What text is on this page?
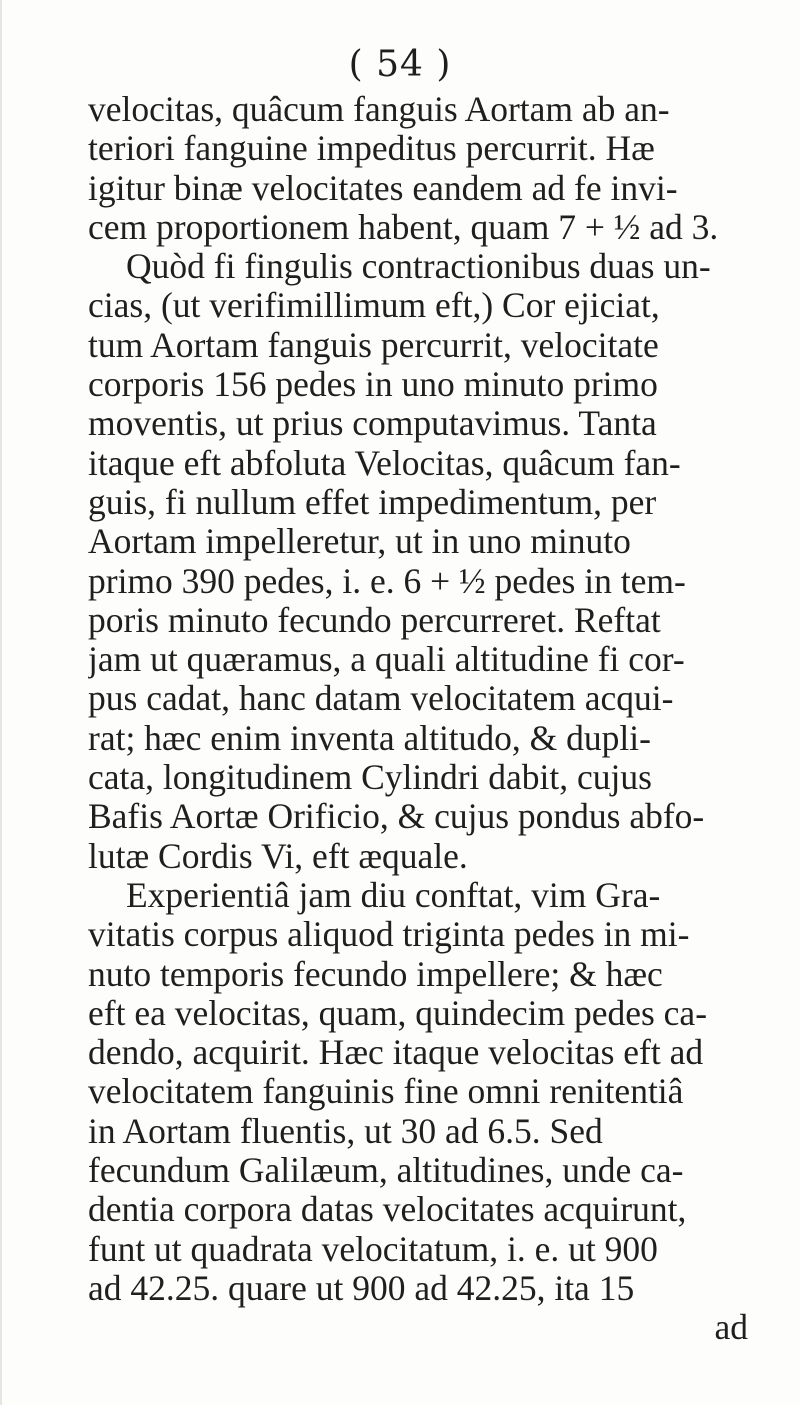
( 54 )
velocitas, quâcum fanguis Aortam ab an-
teriori fanguine impeditus percurrit. Hæ
igitur binæ velocitates eandem ad fe invi-
cem proportionem habent, quam 7 + ½ ad 3.
Quòd fi fingulis contractionibus duas un-
cias, (ut verifimillimum eft,) Cor ejiciat,
tum Aortam fanguis percurrit, velocitate
corporis 156 pedes in uno minuto primo
moventis, ut prius computavimus. Tanta
itaque eft abfoluta Velocitas, quâcum fan-
guis, fi nullum effet impedimentum, per
Aortam impelleretur, ut in uno minuto
primo 390 pedes, i. e. 6 + ½ pedes in tem-
poris minuto fecundo percurreret. Reftat
jam ut quæramus, a quali altitudine fi cor-
pus cadat, hanc datam velocitatem acqui-
rat; hæc enim inventa altitudo, & dupli-
cata, longitudinem Cylindri dabit, cujus
Bafis Aortæ Orificio, & cujus pondus abfo-
lutæ Cordis Vi, eft æquale.
Experientiâ jam diu conftat, vim Gra-
vitatis corpus aliquod triginta pedes in mi-
nuto temporis fecundo impellere; & hæc
eft ea velocitas, quam, quindecim pedes ca-
dendo, acquirit. Hæc itaque velocitas eft ad
velocitatem fanguinis fine omni renitentiâ
in Aortam fluentis, ut 30 ad 6.5. Sed
fecundum Galilæum, altitudines, unde ca-
dentia corpora datas velocitates acquirunt,
funt ut quadrata velocitatum, i. e. ut 900
ad 42.25. quare ut 900 ad 42.25, ita 15
ad
